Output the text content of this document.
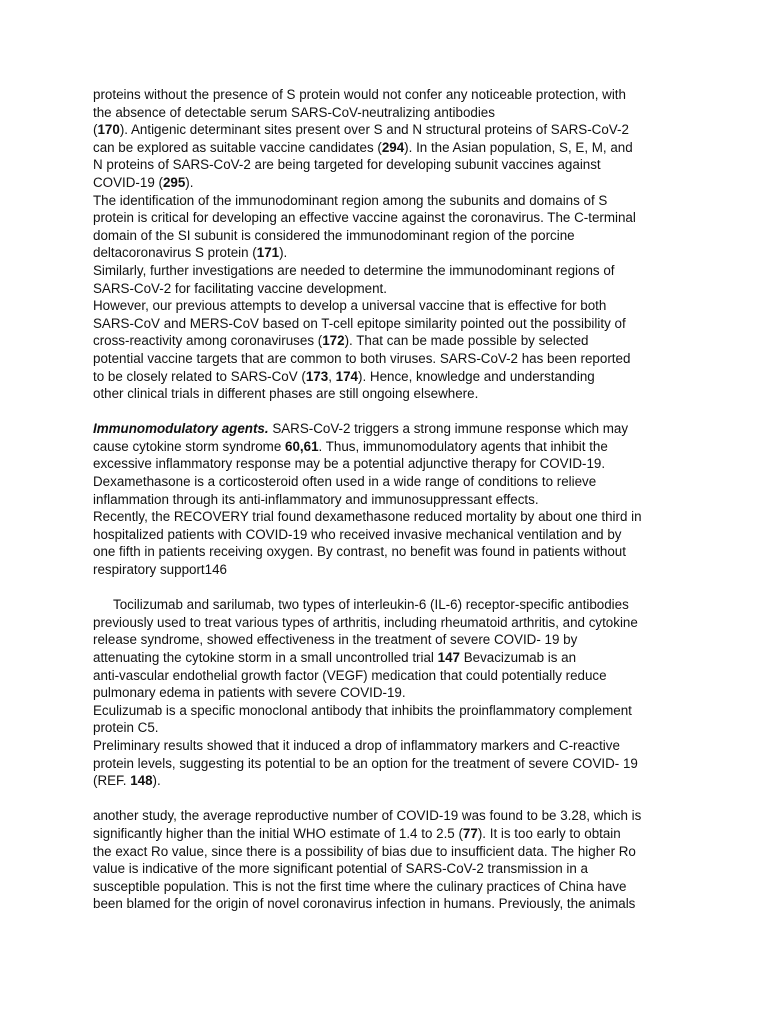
proteins without the presence of S protein would not confer any noticeable protection, with
the absence of detectable serum SARS-CoV-neutralizing antibodies
(170). Antigenic determinant sites present over S and N structural proteins of SARS-CoV-2
can be explored as suitable vaccine candidates (294). In the Asian population, S, E, M, and
N proteins of SARS-CoV-2 are being targeted for developing subunit vaccines against
COVID-19 (295).
The identification of the immunodominant region among the subunits and domains of S
protein is critical for developing an effective vaccine against the coronavirus. The C-terminal
domain of the SI subunit is considered the immunodominant region of the porcine
deltacoronavirus S protein (171).
Similarly, further investigations are needed to determine the immunodominant regions of
SARS-CoV-2 for facilitating vaccine development.
However, our previous attempts to develop a universal vaccine that is effective for both
SARS-CoV and MERS-CoV based on T-cell epitope similarity pointed out the possibility of
cross-reactivity among coronaviruses (172). That can be made possible by selected
potential vaccine targets that are common to both viruses. SARS-CoV-2 has been reported
to be closely related to SARS-CoV (173, 174). Hence, knowledge and understanding
other clinical trials in different phases are still ongoing elsewhere.
Immunomodulatory agents. SARS-CoV-2 triggers a strong immune response which may
cause cytokine storm syndrome 60,61. Thus, immunomodulatory agents that inhibit the
excessive inflammatory response may be a potential adjunctive therapy for COVID-19.
Dexamethasone is a corticosteroid often used in a wide range of conditions to relieve
inflammation through its anti-inflammatory and immunosuppressant effects.
Recently, the RECOVERY trial found dexamethasone reduced mortality by about one third in
hospitalized patients with COVID-19 who received invasive mechanical ventilation and by
one fifth in patients receiving oxygen. By contrast, no benefit was found in patients without
respiratory support146
Tocilizumab and sarilumab, two types of interleukin-6 (IL-6) receptor-specific antibodies
previously used to treat various types of arthritis, including rheumatoid arthritis, and cytokine
release syndrome, showed effectiveness in the treatment of severe COVID- 19 by
attenuating the cytokine storm in a small uncontrolled trial 147 Bevacizumab is an
anti-vascular endothelial growth factor (VEGF) medication that could potentially reduce
pulmonary edema in patients with severe COVID-19.
Eculizumab is a specific monoclonal antibody that inhibits the proinflammatory complement
protein C5.
Preliminary results showed that it induced a drop of inflammatory markers and C-reactive
protein levels, suggesting its potential to be an option for the treatment of severe COVID- 19
(REF. 148).
another study, the average reproductive number of COVID-19 was found to be 3.28, which is
significantly higher than the initial WHO estimate of 1.4 to 2.5 (77). It is too early to obtain
the exact Ro value, since there is a possibility of bias due to insufficient data. The higher Ro
value is indicative of the more significant potential of SARS-CoV-2 transmission in a
susceptible population. This is not the first time where the culinary practices of China have
been blamed for the origin of novel coronavirus infection in humans. Previously, the animals
